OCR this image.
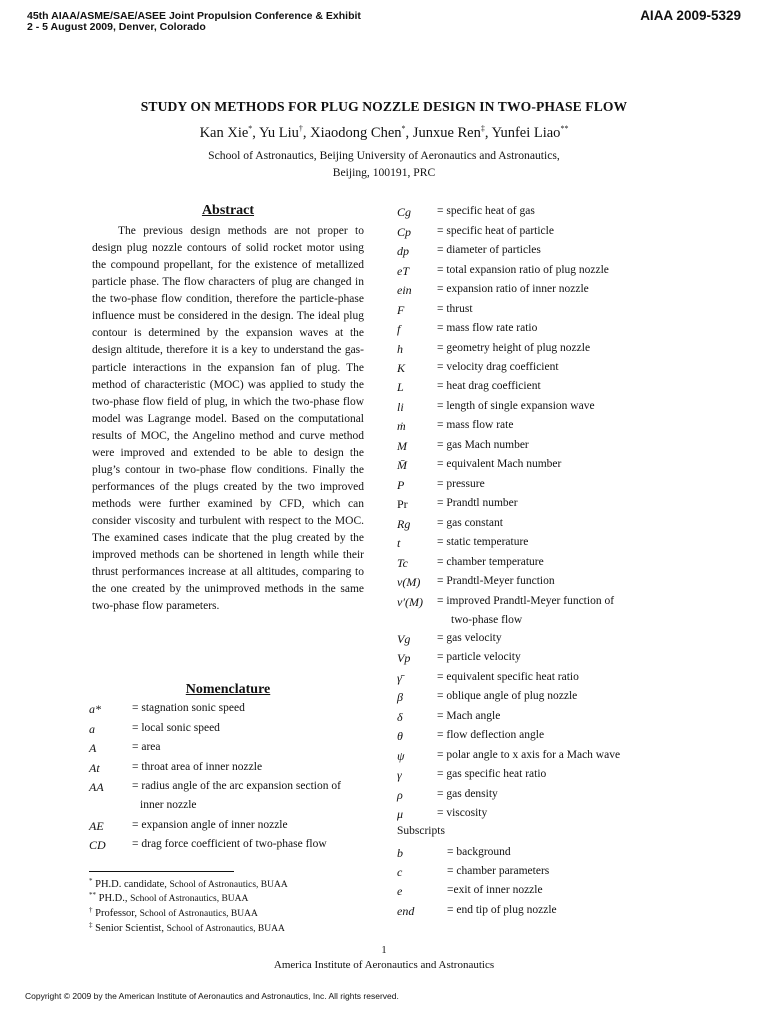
45th AIAA/ASME/SAE/ASEE Joint Propulsion Conference & Exhibit
2 - 5 August 2009, Denver, Colorado
AIAA 2009-5329
STUDY ON METHODS FOR PLUG NOZZLE DESIGN IN TWO-PHASE FLOW
Kan Xie*, Yu Liu†, Xiaodong Chen*, Junxue Ren‡, Yunfei Liao**
School of Astronautics, Beijing University of Aeronautics and Astronautics,
Beijing, 100191, PRC
Abstract
The previous design methods are not proper to design plug nozzle contours of solid rocket motor using the compound propellant, for the existence of metallized particle phase. The flow characters of plug are changed in the two-phase flow condition, therefore the particle-phase influence must be considered in the design. The ideal plug contour is determined by the expansion waves at the design altitude, therefore it is a key to understand the gas-particle interactions in the expansion fan of plug. The method of characteristic (MOC) was applied to study the two-phase flow field of plug, in which the two-phase flow model was Lagrange model. Based on the computational results of MOC, the Angelino method and curve method were improved and extended to be able to design the plug’s contour in two-phase flow conditions. Finally the performances of the plugs created by the two improved methods were further examined by CFD, which can consider viscosity and turbulent with respect to the MOC. The examined cases indicate that the plug created by the improved methods can be shortened in length while their thrust performances increase at all altitudes, comparing to the one created by the unimproved methods in the same two-phase flow parameters.
Nomenclature
a*	= stagnation sonic speed
a	= local sonic speed
A	= area
At	= throat area of inner nozzle
AA = radius angle of the arc expansion section of
inner nozzle
AE = expansion angle of inner nozzle
CD = drag force coefficient of two-phase flow
* PH.D. candidate, School of Astronautics, BUAA
** PH.D., School of Astronautics, BUAA
† Professor, School of Astronautics, BUAA
‡ Senior Scientist, School of Astronautics, BUAA
Cg = specific heat of gas
Cp = specific heat of particle
dp = diameter of particles
eT = total expansion ratio of plug nozzle
ein = expansion ratio of inner nozzle
F	= thrust
f	= mass flow rate ratio
h	= geometry height of plug nozzle
K	= velocity drag coefficient
L	= heat drag coefficient
li	= length of single expansion wave
ṁ	= mass flow rate
M	= gas Mach number
M̄	= equivalent Mach number
P	= pressure
Pr	= Prandtl number
Rg = gas constant
t	= static temperature
Tc	= chamber temperature
ν(M) = Prandtl-Meyer function
ν′(M) = improved Prandtl-Meyer function of
two-phase flow
Vg = gas velocity
Vp = particle velocity
γ̄	= equivalent specific heat ratio
β	= oblique angle of plug nozzle
δ	= Mach angle
θ	= flow deflection angle
ψ	= polar angle to x axis for a Mach wave
γ	= gas specific heat ratio
ρ	= gas density
μ	= viscosity
Subscripts
b	= background
c	= chamber parameters
e	=exit of inner nozzle
end	= end tip of plug nozzle
1
America Institute of Aeronautics and Astronautics
Copyright © 2009 by the American Institute of Aeronautics and Astronautics, Inc. All rights reserved.
